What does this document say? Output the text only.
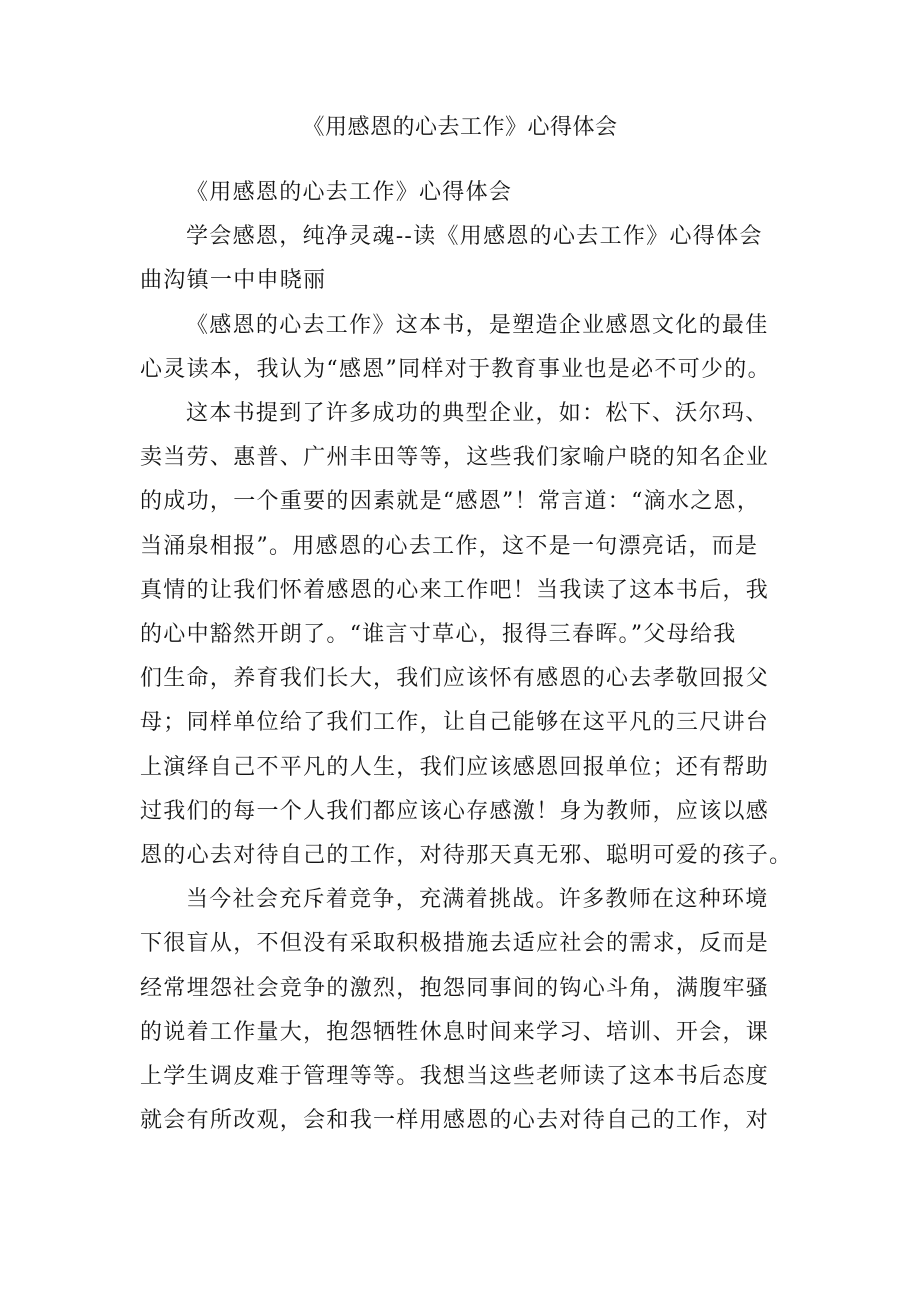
《用感恩的心去工作》心得体会
《用感恩的心去工作》心得体会
学会感恩，纯净灵魂--读《用感恩的心去工作》心得体会
曲沟镇一中申晓丽
《感恩的心去工作》这本书，是塑造企业感恩文化的最佳
心灵读本，我认为“感恩”同样对于教育事业也是必不可少的。
这本书提到了许多成功的典型企业，如：松下、沃尔玛、
卖当劳、惠普、广州丰田等等，这些我们家喻户晓的知名企业
的成功，一个重要的因素就是“感恩”！常言道：“滴水之恩，
当涌泉相报”。用感恩的心去工作，这不是一句漂亮话，而是
真情的让我们怀着感恩的心来工作吧！当我读了这本书后，我
的心中豁然开朗了。“谁言寸草心，报得三春晖。”父母给我
们生命，养育我们长大，我们应该怀有感恩的心去孝敬回报父
母；同样单位给了我们工作，让自己能够在这平凡的三尺讲台
上演绎自己不平凡的人生，我们应该感恩回报单位；还有帮助
过我们的每一个人我们都应该心存感激！身为教师，应该以感
恩的心去对待自己的工作，对待那天真无邪、聪明可爱的孩子。
当今社会充斥着竞争，充满着挑战。许多教师在这种环境
下很盲从，不但没有采取积极措施去适应社会的需求，反而是
经常埋怨社会竞争的激烈，抱怨同事间的钩心斗角，满腹牢骚
的说着工作量大，抱怨牺牲休息时间来学习、培训、开会，课
上学生调皮难于管理等等。我想当这些老师读了这本书后态度
就会有所改观，会和我一样用感恩的心去对待自己的工作，对
